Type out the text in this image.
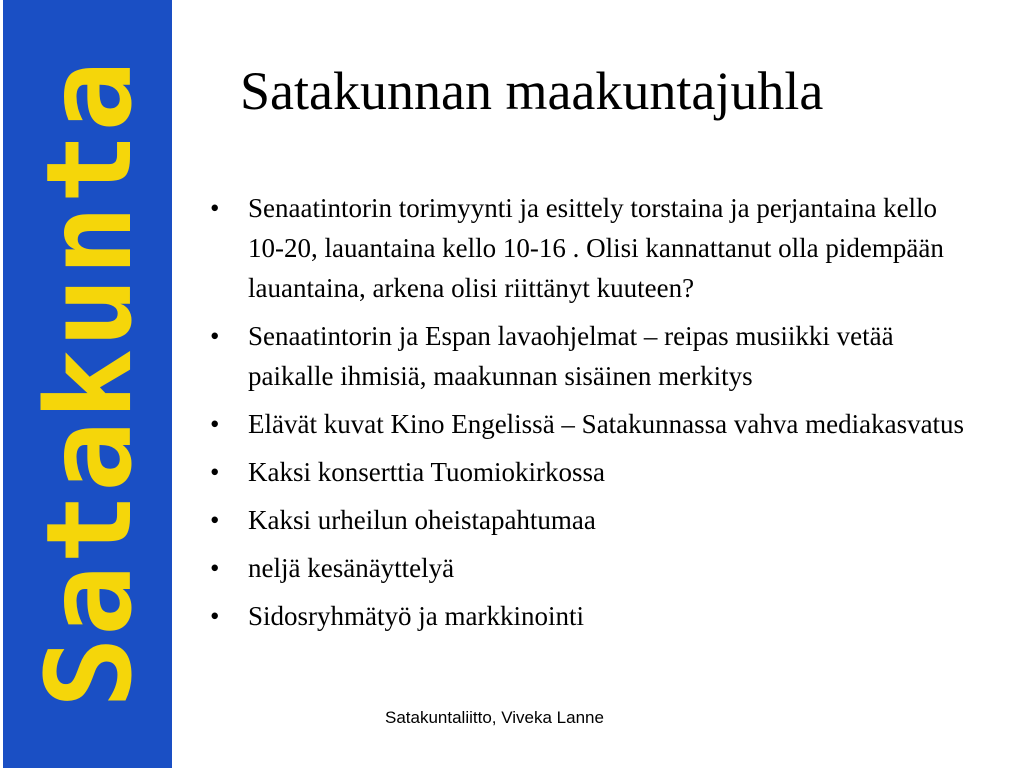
Satakunta Satakunnan maakuntajuhla
• Senaatintorin torimyynti ja esittely torstaina ja perjantaina kello 10-20, lauantaina kello 10-16 . Olisi kannattanut olla pidempään lauantaina, arkena olisi riittänyt kuuteen?
• Senaatintorin ja Espan lavaohjelmat – reipas musiikki vetää paikalle ihmisiä, maakunnan sisäinen merkitys
• Elävät kuvat Kino Engelissä – Satakunnassa vahva mediakasvatus
• Kaksi konserttia Tuomiokirkossa
• Kaksi urheilun oheistapahtumaa
• neljä kesänäyttelyä
• Sidosryhmätyö ja markkinointi
Satakuntaliitto, Viveka Lanne
